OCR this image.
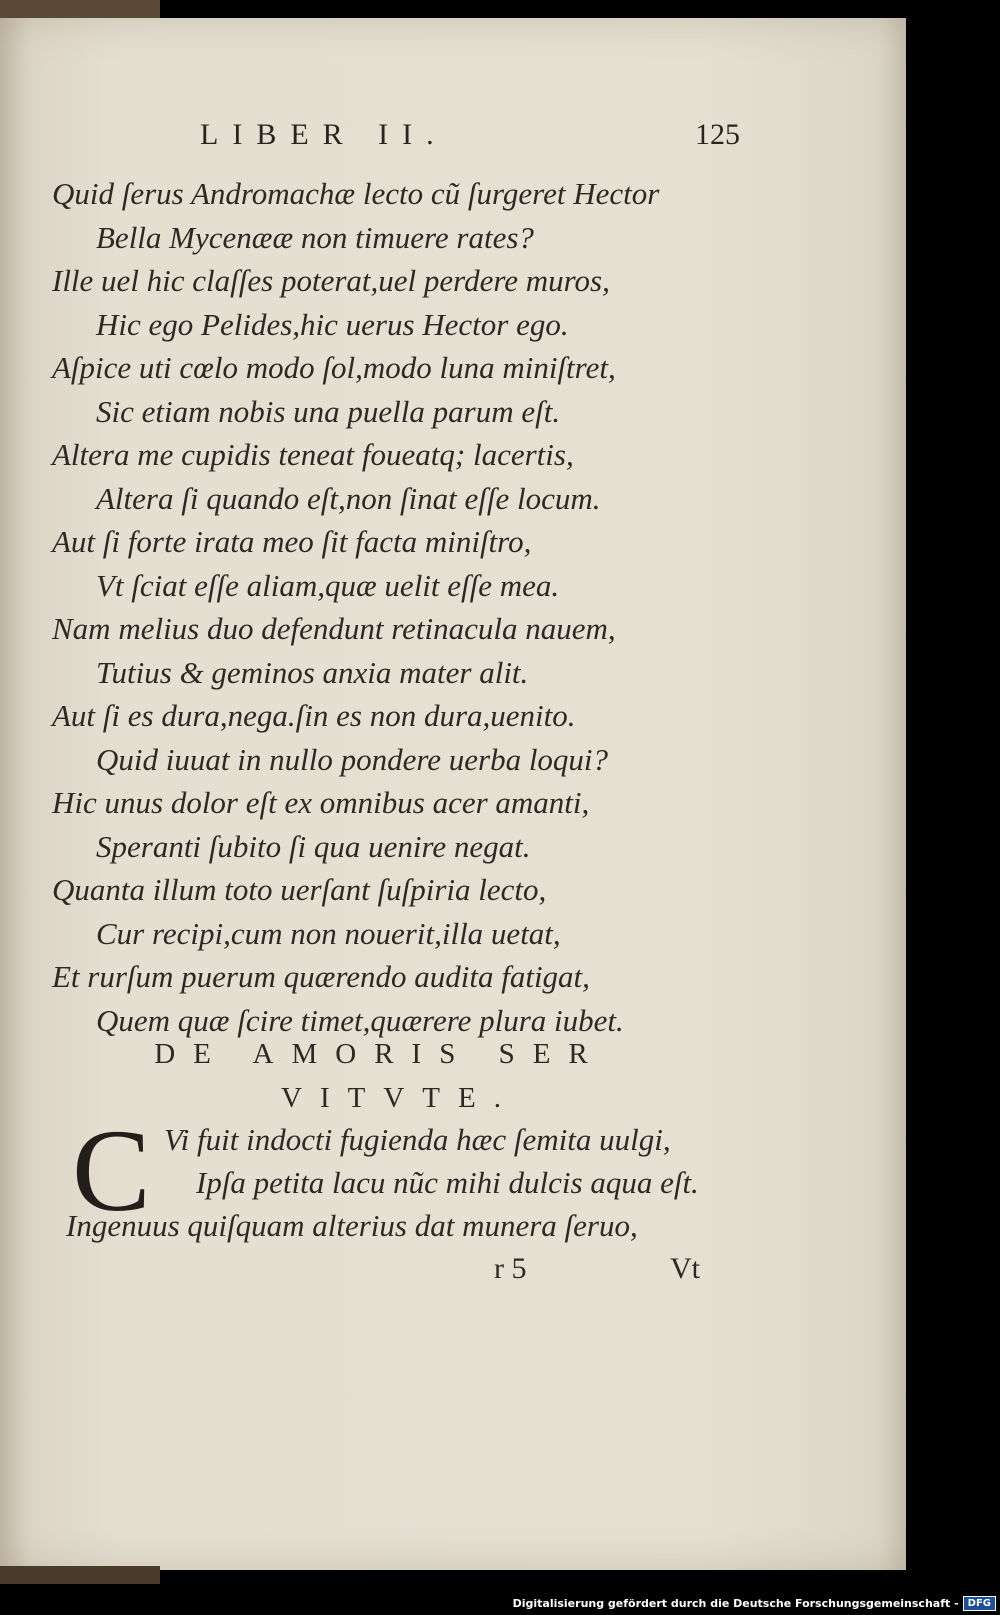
LIBER II.	125
Quid ſerus Andromachæ lecto cũ ſurgeret Hector
Bella Mycenææ non timuere rates?
Ille uel hic claſſes poterat,uel perdere muros,
Hic ego Pelides,hic uerus Hector ego.
Aſpice uti cœlo modo ſol,modo luna miniſtret,
Sic etiam nobis una puella parum eſt.
Altera me cupidis teneat foueatq; lacertis,
Altera ſi quando eſt,non ſinat eſſe locum.
Aut ſi forte irata meo ſit facta miniſtro,
Vt ſciat eſſe aliam,quæ uelit eſſe mea.
Nam melius duo defendunt retinacula nauem,
Tutius & geminos anxia mater alit.
Aut ſi es dura,nega.ſin es non dura,uenito.
Quid iuuat in nullo pondere uerba loqui?
Hic unus dolor eſt ex omnibus acer amanti,
Speranti ſubito ſi qua uenire negat.
Quanta illum toto uerſant ſuſpiria lecto,
Cur recipi,cum non nouerit,illa uetat,
Et rurſum puerum quærendo audita fatigat,
Quem quæ ſcire timet,quærere plura iubet.
DE AMORIS SER
VITVTE.
C Vi fuit indocti fugienda hæc ſemita uulgi,
Ipſa petita lacu nũc mihi dulcis aqua eſt.
Ingenuus quiſquam alterius dat munera ſeruo,
r 5	Vt
Digitalisierung gefördert durch die Deutsche Forschungsgemeinschaft - DFG
